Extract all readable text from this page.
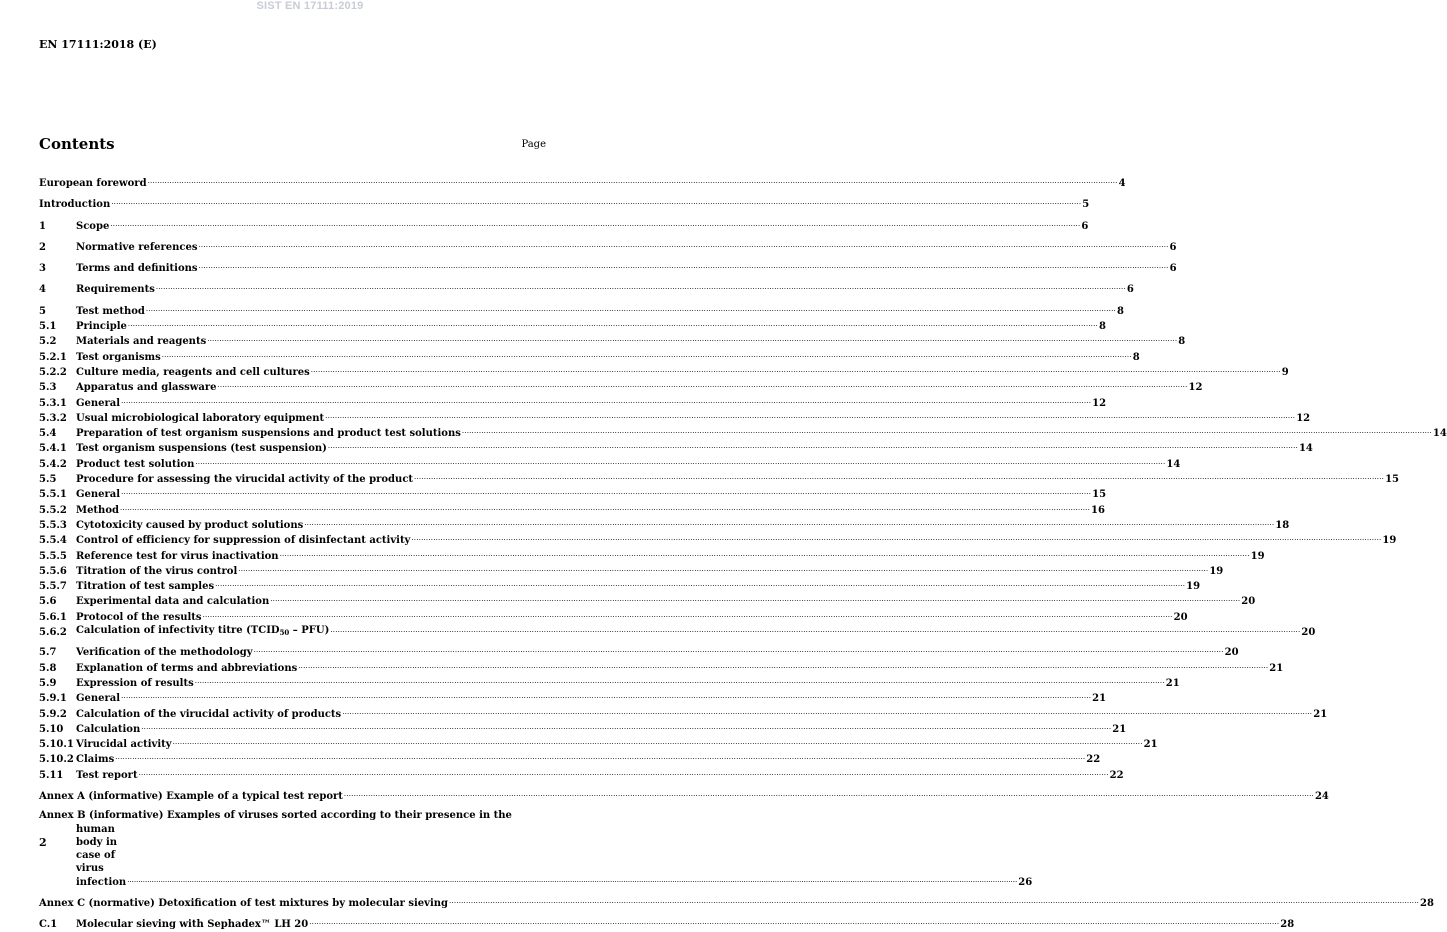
SIST EN 17111:2019
EN 17111:2018 (E)
Contents	Page
European foreword ................................................................................................................................................................................................................................................................................................................................................................................................................ 4
Introduction ................................................................................................................................................................................................................................................................................................................................................................................................................ 5
1	Scope ................................................................................................................................................................................................................................................................................................................................................................................................................ 6
2	Normative references ................................................................................................................................................................................................................................................................................................................................................................................................................ 6
3	Terms and definitions ................................................................................................................................................................................................................................................................................................................................................................................................................ 6
4	Requirements ................................................................................................................................................................................................................................................................................................................................................................................................................ 6
5	Test method ................................................................................................................................................................................................................................................................................................................................................................................................................ 8
5.1	Principle ................................................................................................................................................................................................................................................................................................................................................................................................................ 8
5.2	Materials and reagents ................................................................................................................................................................................................................................................................................................................................................................................................................ 8
5.2.1 Test organisms ................................................................................................................................................................................................................................................................................................................................................................................................................ 8
5.2.2 Culture media, reagents and cell cultures ................................................................................................................................................................................................................................................................................................................................................................................................................ 9
5.3	Apparatus and glassware ................................................................................................................................................................................................................................................................................................................................................................................................................ 12
5.3.1 General ................................................................................................................................................................................................................................................................................................................................................................................................................ 12
5.3.2 Usual microbiological laboratory equipment ................................................................................................................................................................................................................................................................................................................................................................................................................ 12
5.4	Preparation of test organism suspensions and product test solutions ................................................................................................................................................................................................................................................................................................................................................................................................................ 14
5.4.1 Test organism suspensions (test suspension) ................................................................................................................................................................................................................................................................................................................................................................................................................ 14
5.4.2 Product test solution ................................................................................................................................................................................................................................................................................................................................................................................................................ 14
5.5	Procedure for assessing the virucidal activity of the product ................................................................................................................................................................................................................................................................................................................................................................................................................ 15
5.5.1 General ................................................................................................................................................................................................................................................................................................................................................................................................................ 15
5.5.2 Method ................................................................................................................................................................................................................................................................................................................................................................................................................ 16
5.5.3 Cytotoxicity caused by product solutions ................................................................................................................................................................................................................................................................................................................................................................................................................ 18
5.5.4 Control of efficiency for suppression of disinfectant activity ................................................................................................................................................................................................................................................................................................................................................................................................................ 19
5.5.5 Reference test for virus inactivation ................................................................................................................................................................................................................................................................................................................................................................................................................ 19
5.5.6 Titration of the virus control ................................................................................................................................................................................................................................................................................................................................................................................................................ 19
5.5.7 Titration of test samples ................................................................................................................................................................................................................................................................................................................................................................................................................ 19
5.6	Experimental data and calculation ................................................................................................................................................................................................................................................................................................................................................................................................................ 20
5.6.1 Protocol of the results ................................................................................................................................................................................................................................................................................................................................................................................................................ 20
5.6.2 Calculation of infectivity titre $(TCID_{50} - PFU)$ ................................................................................................................................................................................................................................................................................................................................................................................................................ 20
5.7	Verification of the methodology ................................................................................................................................................................................................................................................................................................................................................................................................................ 20
5.8	Explanation of terms and abbreviations ................................................................................................................................................................................................................................................................................................................................................................................................................ 21
5.9	Expression of results ................................................................................................................................................................................................................................................................................................................................................................................................................ 21
5.9.1 General ................................................................................................................................................................................................................................................................................................................................................................................................................ 21
5.9.2 Calculation of the virucidal activity of products ................................................................................................................................................................................................................................................................................................................................................................................................................ 21
5.10	Calculation ................................................................................................................................................................................................................................................................................................................................................................................................................ 21
5.10.1 Virucidal activity ................................................................................................................................................................................................................................................................................................................................................................................................................ 21
5.10.2 Claims ................................................................................................................................................................................................................................................................................................................................................................................................................ 22
5.11	Test report ................................................................................................................................................................................................................................................................................................................................................................................................................ 22
Annex A (informative) Example of a typical test report ................................................................................................................................................................................................................................................................................................................................................................................................................ 24
Annex B (informative) Examples of viruses sorted according to their presence in the
human body in case of virus infection ................................................................................................................................................................................................................................................................................................................................................................................................................ 26
Annex C (normative) Detoxification of test mixtures by molecular sieving ................................................................................................................................................................................................................................................................................................................................................................................................................ 28
C.1	Molecular sieving with Sephadex™ LH 20 ................................................................................................................................................................................................................................................................................................................................................................................................................ 28
2
